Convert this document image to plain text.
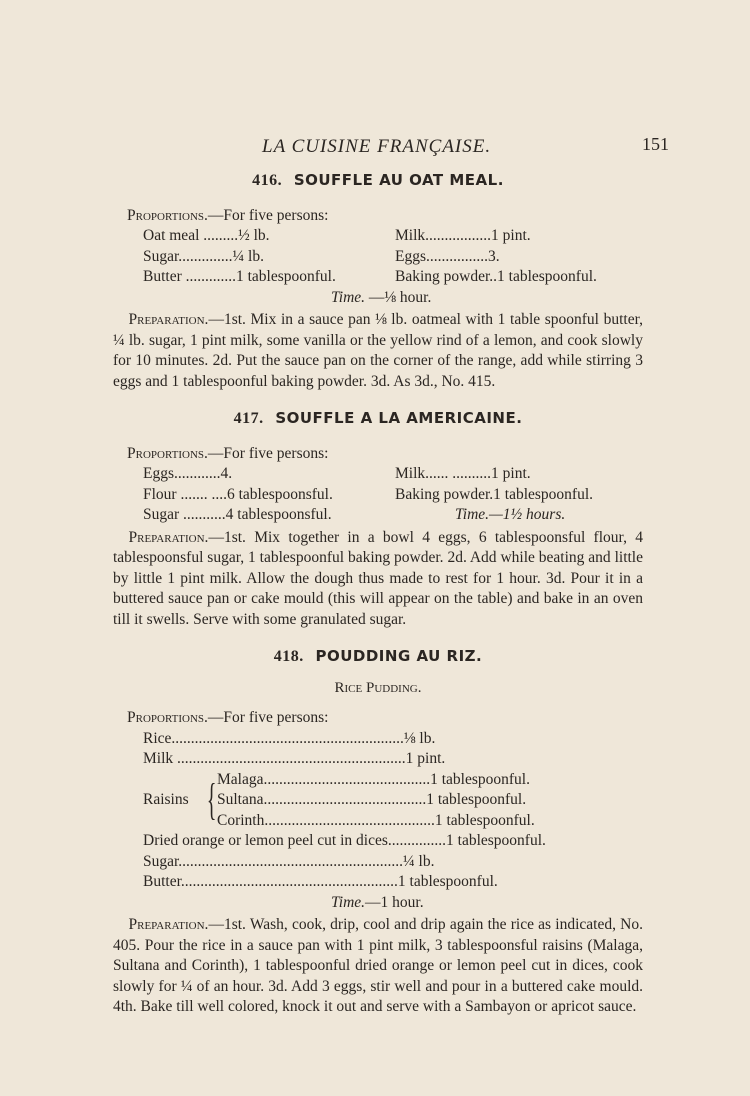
LA CUISINE FRANÇAISE.	151
416. SOUFFLE AU OAT MEAL.
Proportions.—For five persons:
Oat meal .........½ lb.	Milk.................1 pint.
Sugar..............¼ lb.	Eggs................3.
Butter .............1 tablespoonful.	Baking powder..1 tablespoonful.
Time. —⅛ hour.

 Preparation.—1st. Mix in a sauce pan ⅛ lb. oatmeal with 1 table spoonful butter, ¼ lb. sugar, 1 pint milk, some vanilla or the yellow rind of a lemon, and cook slowly for 10 minutes. 2d. Put the sauce pan on the corner of the range, add while stirring 3 eggs and 1 tablespoonful baking powder. 3d. As 3d., No. 415.

417. SOUFFLE A LA AMERICAINE.
Proportions.—For five persons:
Eggs............4.	Milk...... ..........1 pint.
Flour ....... ....6 tablespoonsful.	Baking powder.1 tablespoonful.
Sugar ...........4 tablespoonsful.	Time.—1½ hours.

 Preparation.—1st. Mix together in a bowl 4 eggs, 6 tablespoonsful flour, 4 tablespoonsful sugar, 1 tablespoonful baking powder. 2d. Add while beating and little by little 1 pint milk. Allow the dough thus made to rest for 1 hour. 3d. Pour it in a buttered sauce pan or cake mould (this will appear on the table) and bake in an oven till it swells. Serve with some granulated sugar.

418. POUDDING AU RIZ.
Rice Pudding.
Proportions.—For five persons:
Rice............................................................⅛ lb.
Milk ...........................................................1 pint.
Raisins { Malaga...........................................1 tablespoonful.
Sultana..........................................1 tablespoonful.
Corinth............................................1 tablespoonful.
Dried orange or lemon peel cut in dices...............1 tablespoonful.
Sugar..........................................................¼ lb.
Butter........................................................1 tablespoonful.
Time.—1 hour.

 Preparation.—1st. Wash, cook, drip, cool and drip again the rice as indicated, No. 405. Pour the rice in a sauce pan with 1 pint milk, 3 tablespoonsful raisins (Malaga, Sultana and Corinth), 1 tablespoonful dried orange or lemon peel cut in dices, cook slowly for ¼ of an hour. 3d. Add 3 eggs, stir well and pour in a buttered cake mould. 4th. Bake till well colored, knock it out and serve with a Sambayon or apricot sauce.
